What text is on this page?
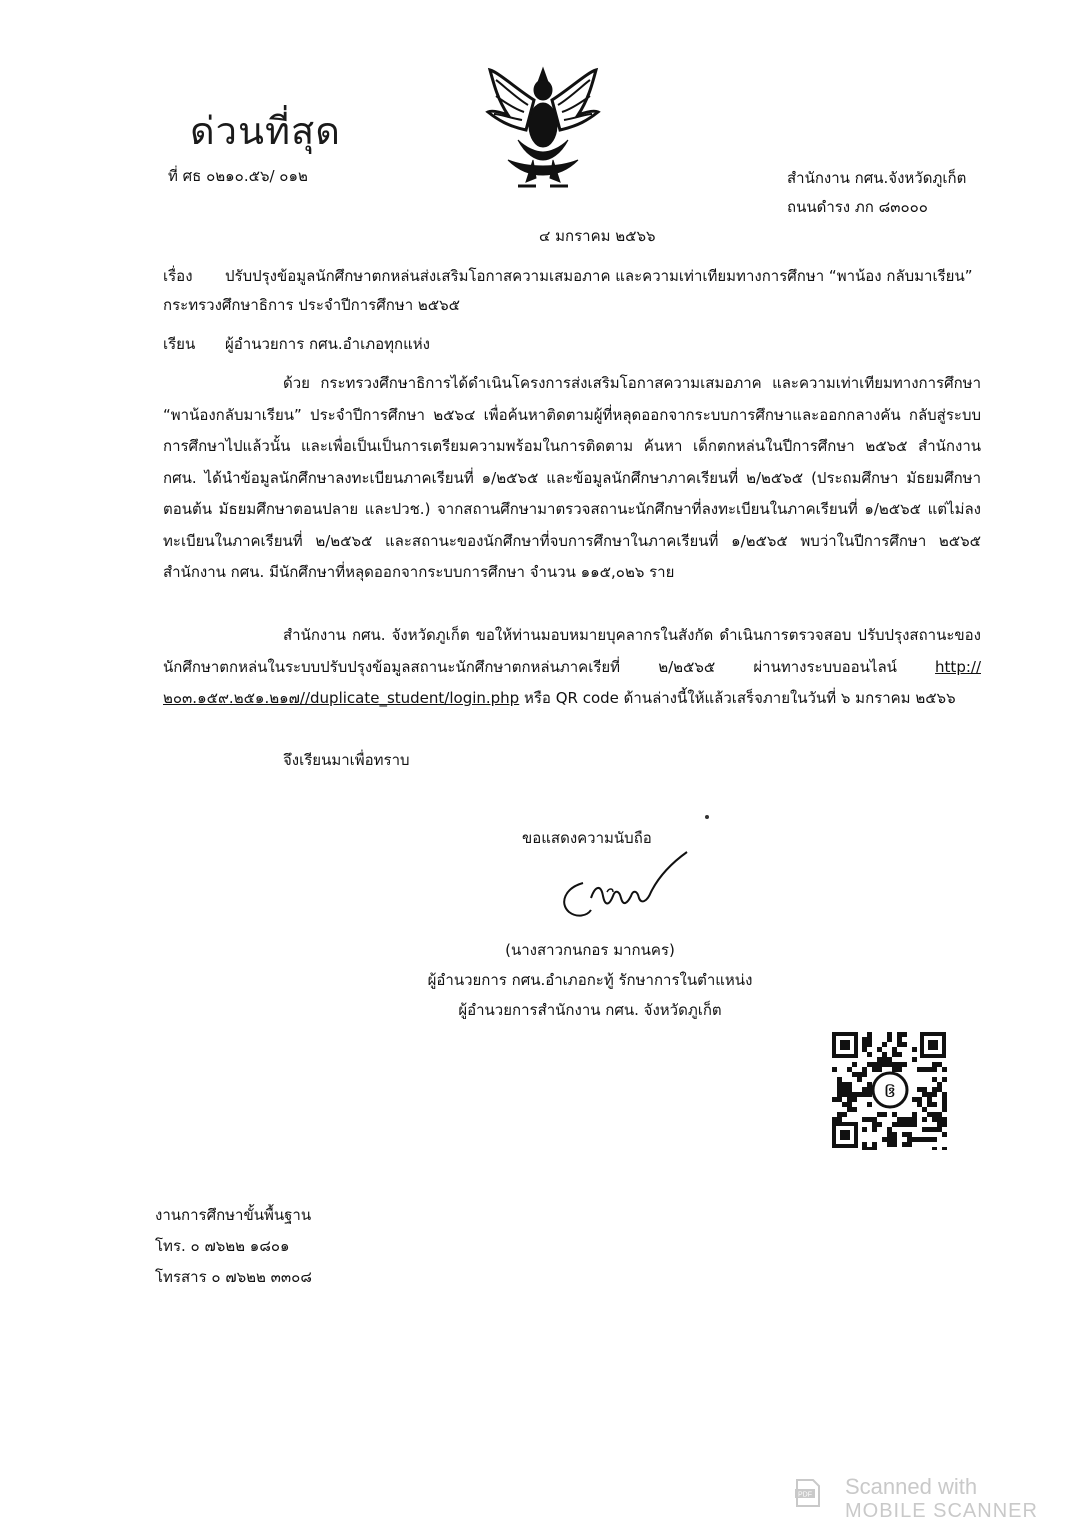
ด่วนที่สุด
ที่ ศธ ๐๒๑๐.๕๖/ ๐๑๒	สำนักงาน กศน.จังหวัดภูเก็ต
ถนนดำรง ภก ๘๓๐๐๐
๔ มกราคม ๒๕๖๖
เรื่อง ปรับปรุงข้อมูลนักศึกษาตกหล่นส่งเสริมโอกาสความเสมอภาค และความเท่าเทียมทางการศึกษา “พาน้อง กลับมาเรียน” กระทรวงศึกษาธิการ ประจำปีการศึกษา ๒๕๖๕
เรียน ผู้อำนวยการ กศน.อำเภอทุกแห่ง
ด้วย กระทรวงศึกษาธิการได้ดำเนินโครงการส่งเสริมโอกาสความเสมอภาค และความเท่าเทียมทางการศึกษา “พาน้องกลับมาเรียน” ประจำปีการศึกษา ๒๕๖๔ เพื่อค้นหาติดตามผู้ที่หลุดออกจากระบบการศึกษาและออกกลางคัน กลับสู่ระบบการศึกษาไปแล้วนั้น และเพื่อเป็นเป็นการเตรียมความพร้อมในการติดตาม ค้นหา เด็กตกหล่นในปีการศึกษา ๒๕๖๕ สำนักงาน กศน. ได้นำข้อมูลนักศึกษาลงทะเบียนภาคเรียนที่ ๑/๒๕๖๕ และข้อมูลนักศึกษาภาคเรียนที่ ๒/๒๕๖๕ (ประถมศึกษา มัธยมศึกษาตอนต้น มัธยมศึกษาตอนปลาย และปวช.) จากสถานศึกษามาตรวจสถานะนักศึกษาที่ลงทะเบียนในภาคเรียนที่ ๑/๒๕๖๕ แต่ไม่ลงทะเบียนในภาคเรียนที่ ๒/๒๕๖๕ และสถานะของนักศึกษาที่จบการศึกษาในภาคเรียนที่ ๑/๒๕๖๕ พบว่าในปีการศึกษา ๒๕๖๕ สำนักงาน กศน. มีนักศึกษาที่หลุดออกจากระบบการศึกษา จำนวน ๑๑๕,๐๒๖ ราย
สำนักงาน กศน. จังหวัดภูเก็ต ขอให้ท่านมอบหมายบุคลากรในสังกัด ดำเนินการตรวจสอบ ปรับปรุงสถานะของนักศึกษาตกหล่นในระบบปรับปรุงข้อมูลสถานะนักศึกษาตกหล่นภาคเรียที่ ๒/๒๕๖๕ ผ่านทางระบบออนไลน์ http://๒๐๓.๑๕๙.๒๕๑.๒๑๗//duplicate_student/login.php หรือ QR code ด้านล่างนี้ให้แล้วเสร็จภายในวันที่ ๖ มกราคม ๒๕๖๖
จึงเรียนมาเพื่อทราบ
ขอแสดงความนับถือ
(นางสาวกนกอร มากนคร)
ผู้อำนวยการ กศน.อำเภอกะทู้ รักษาการในตำแหน่ง
ผู้อำนวยการสำนักงาน กศน. จังหวัดภูเก็ต
ឲ
งานการศึกษาขั้นพื้นฐาน
โทร. ๐ ๗๖๒๒ ๑๘๐๑
โทรสาร ๐ ๗๖๒๒ ๓๓๐๘
PDF Scanned with
MOBILE SCANNER
